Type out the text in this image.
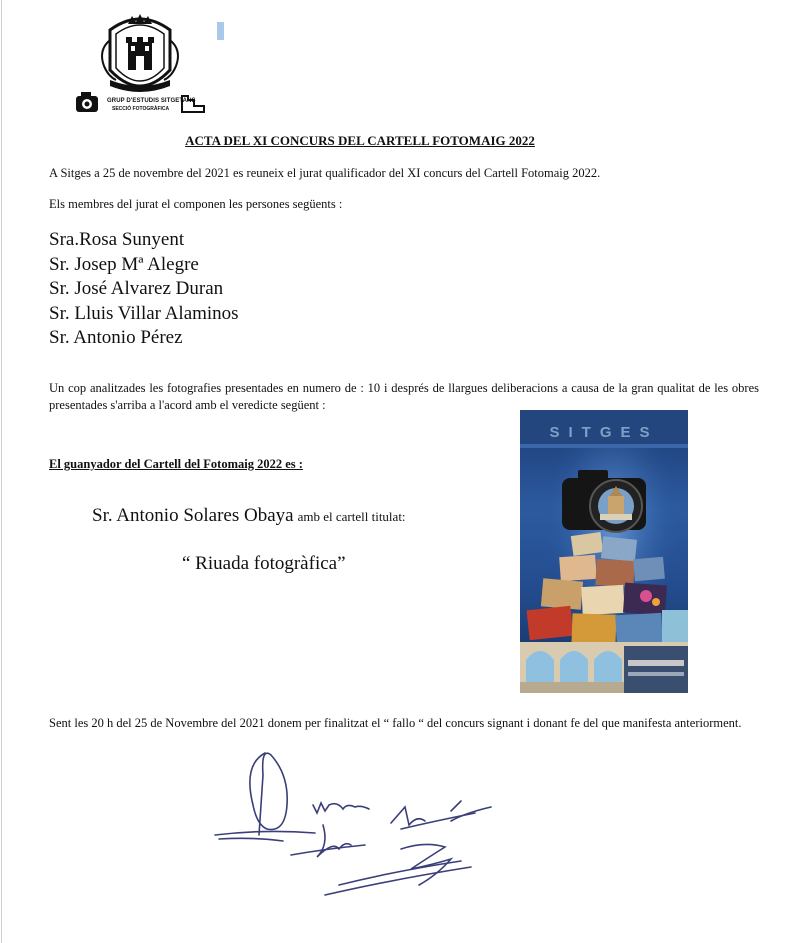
GRUP D'ESTUDIS SITGETANS
SECCIÓ FOTOGRÀFICA
ACTA DEL XI CONCURS DEL CARTELL FOTOMAIG 2022
A Sitges a 25 de novembre del 2021 es reuneix el jurat qualificador del XI concurs del Cartell Fotomaig 2022.
Els membres del jurat el componen les persones següents :
Sra.Rosa Sunyent
Sr. Josep Mª Alegre
Sr. José Alvarez Duran
Sr. Lluis Villar Alaminos
Sr. Antonio Pérez
Un cop analitzades les fotografies presentades en numero de : 10 i després de llargues deliberacions a causa de la gran qualitat de les obres presentades s'arriba a l'acord amb el veredicte següent :
El guanyador del Cartell del Fotomaig 2022 es :
Sr. Antonio Solares Obaya amb el cartell titulat:
“ Riuada fotogràfica”
SITGES
Sent les 20 h del 25 de Novembre del 2021 donem per finalitzat el “ fallo “ del concurs signant i donant fe del que manifesta anteriorment.
